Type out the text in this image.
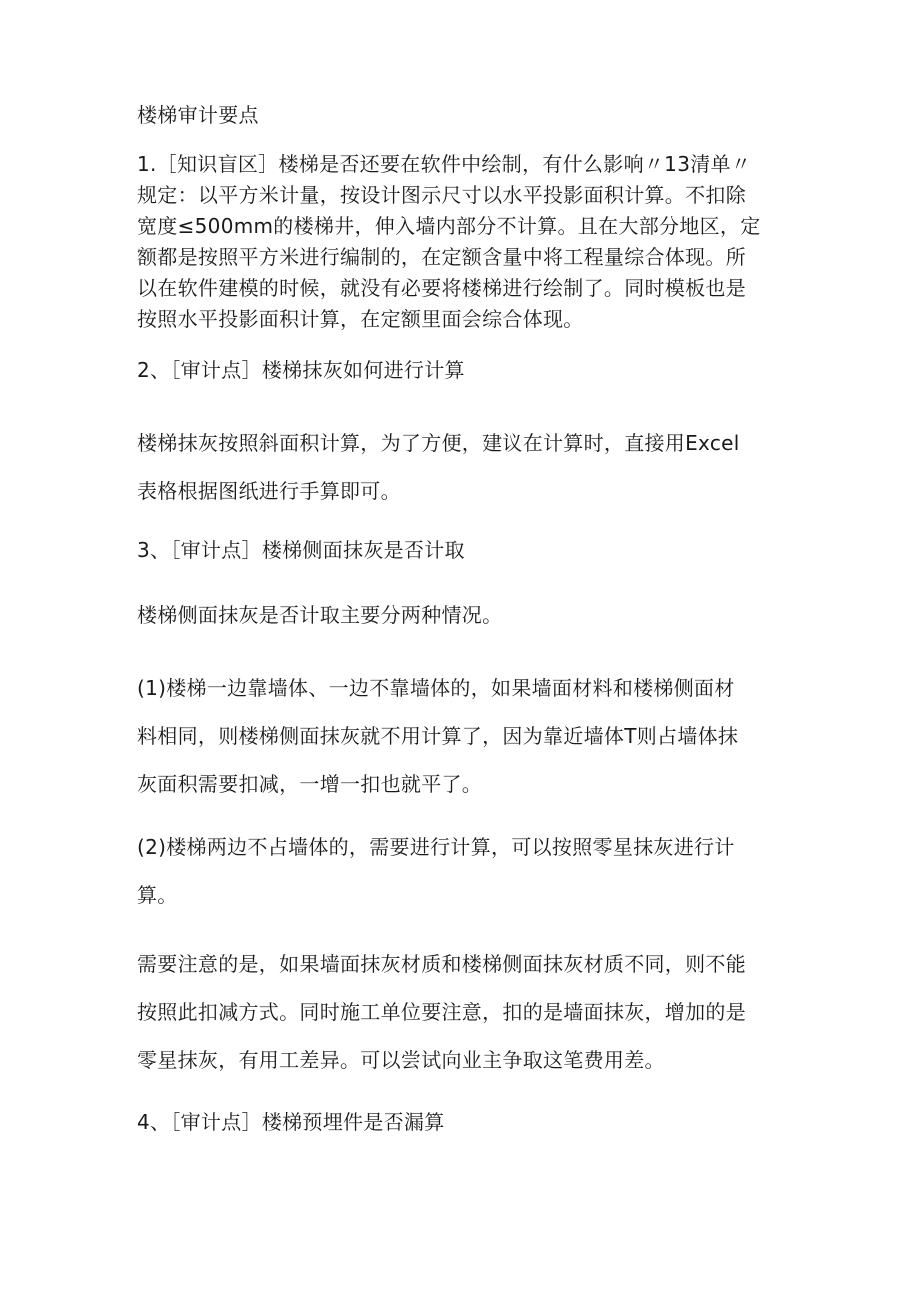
楼梯审计要点

1.［知识盲区］楼梯是否还要在软件中绘制，有什么影响〃13清单〃
规定：以平方米计量，按设计图示尺寸以水平投影面积计算。不扣除
宽度≤500mm的楼梯井，伸入墙内部分不计算。且在大部分地区，定
额都是按照平方米进行编制的，在定额含量中将工程量综合体现。所
以在软件建模的时候，就没有必要将楼梯进行绘制了。同时模板也是
按照水平投影面积计算，在定额里面会综合体现。

2、［审计点］楼梯抹灰如何进行计算

楼梯抹灰按照斜面积计算，为了方便，建议在计算时，直接用Excel
表格根据图纸进行手算即可。

3、［审计点］楼梯侧面抹灰是否计取

楼梯侧面抹灰是否计取主要分两种情况。

(1)楼梯一边靠墙体、一边不靠墙体的，如果墙面材料和楼梯侧面材
料相同，则楼梯侧面抹灰就不用计算了，因为靠近墙体T则占墙体抹
灰面积需要扣减，一增一扣也就平了。
(2)楼梯两边不占墙体的，需要进行计算，可以按照零星抹灰进行计
算。
需要注意的是，如果墙面抹灰材质和楼梯侧面抹灰材质不同，则不能
按照此扣减方式。同时施工单位要注意，扣的是墙面抹灰，增加的是
零星抹灰，有用工差异。可以尝试向业主争取这笔费用差。

4、［审计点］楼梯预埋件是否漏算
